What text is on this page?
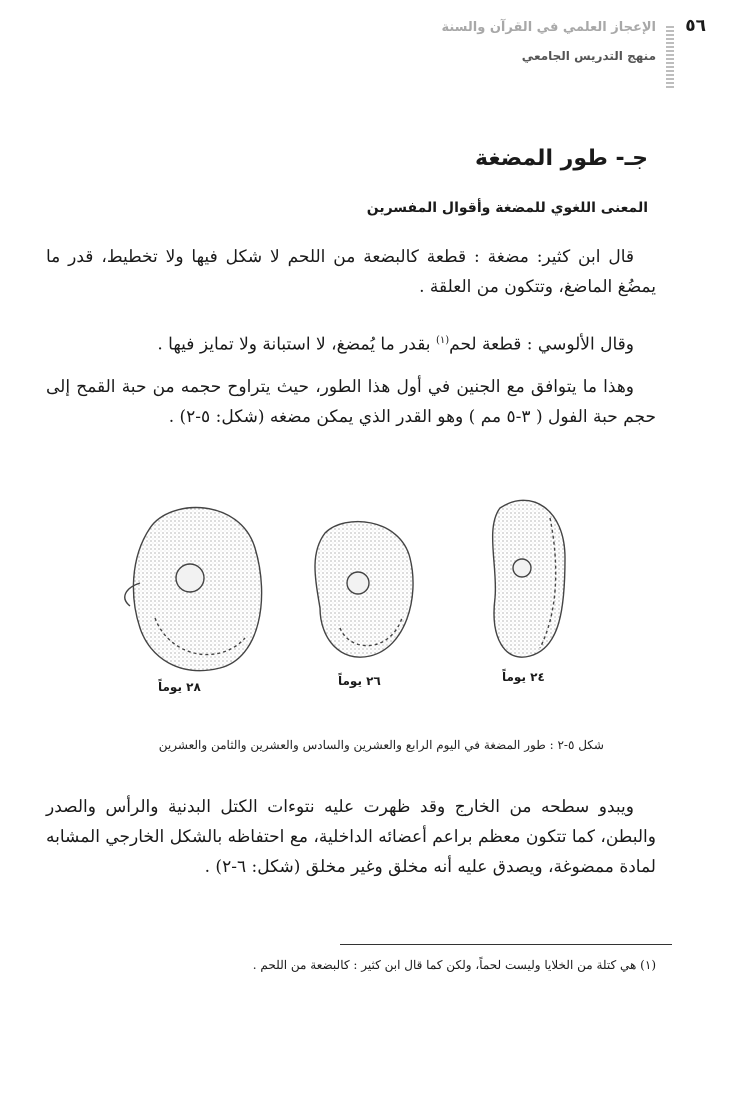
٥٦
الإعجاز العلمي في القرآن والسنة
منهج التدريس الجامعي
جـ- طور المضغة
المعنى اللغوي للمضغة وأقوال المفسرين

قال ابن كثير: مضغة : قطعة كالبضعة من اللحم لا شكل فيها ولا تخطيط، قدر ما يمضُغ الماضغ، وتتكون من العلقة .

وقال الألوسي : قطعة لحم$^{(١)}$ بقدر ما يُمضغ، لا استبانة ولا تمايز فيها .

وهذا ما يتوافق مع الجنين في أول هذا الطور، حيث يتراوح حجمه من حبة القمح إلى حجم حبة الفول ( ٣-٥ مم ) وهو القدر الذي يمكن مضغه (شكل: ٥-٢) .

٢٨ يوماً	٢٦ يوماً	٢٤ يوماً
شكل ٥-٢ : طور المضغة في اليوم الرابع والعشرين والسادس والعشرين والثامن والعشرين

ويبدو سطحه من الخارج وقد ظهرت عليه نتوءات الكتل البدنية والرأس والصدر والبطن، كما تتكون معظم براعم أعضائه الداخلية، مع احتفاظه بالشكل الخارجي المشابه لمادة ممضوغة، ويصدق عليه أنه مخلق وغير مخلق (شكل: ٦-٢) .

(١) هي كتلة من الخلايا وليست لحماً، ولكن كما قال ابن كثير : كالبضعة من اللحم .
